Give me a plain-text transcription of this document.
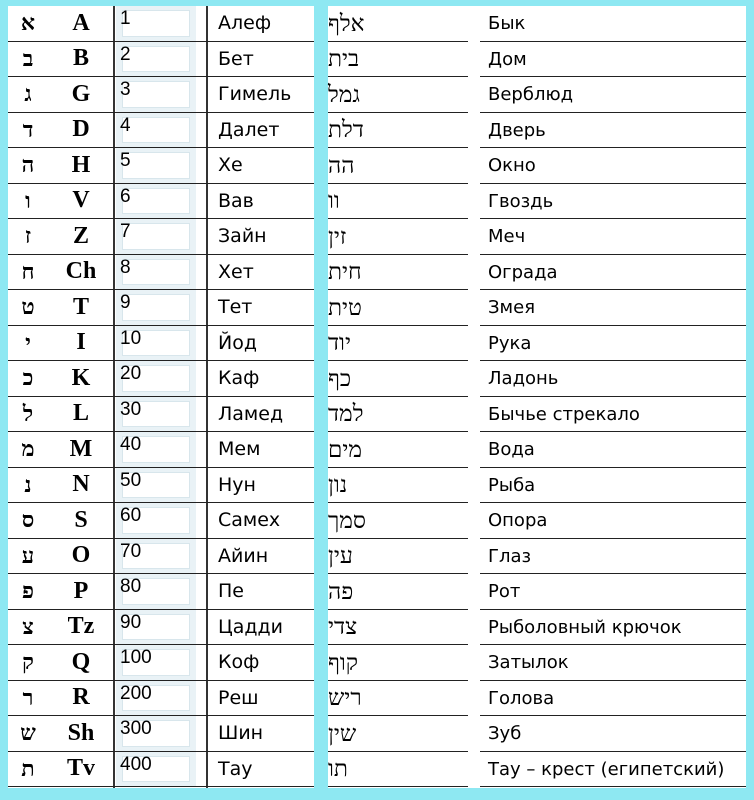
א	A	1	Алеф
ב	B	2	Бет
ג	G	3	Гимель
ד	D	4	Далет
ה	H	5	Хе
ו	V	6	Вав
ז	Z	7	Зайн
ח	Ch	8	Хет
ט	T	9	Тет
י	I	10	Йод
כ	K	20	Каф
ל	L	30	Ламед
מ	M	40	Мем
נ	N	50	Нун
ס	S	60	Самех
ע	O	70	Айин
פ	P	80	Пе
צ	Tz	90	Цадди
ק	Q	100	Коф
ר	R	200	Реш
ש	Sh	300	Шин
ת	Tv	400	Тау
אלף	Бык
בית	Дом
גמל	Верблюд
דלת	Дверь
הה	Окно
וו	Гвоздь
זין	Меч
חית	Ограда
טית	Змея
יוד	Рука
כף	Ладонь
למד	Бычье стрекало
מים	Вода
נון	Рыба
סמך	Опора
עין	Глаз
פה	Рот
צדי	Рыболовный крючок
קוף	Затылок
ריש	Голова
שין	Зуб
תו	Тау – крест (египетский)
